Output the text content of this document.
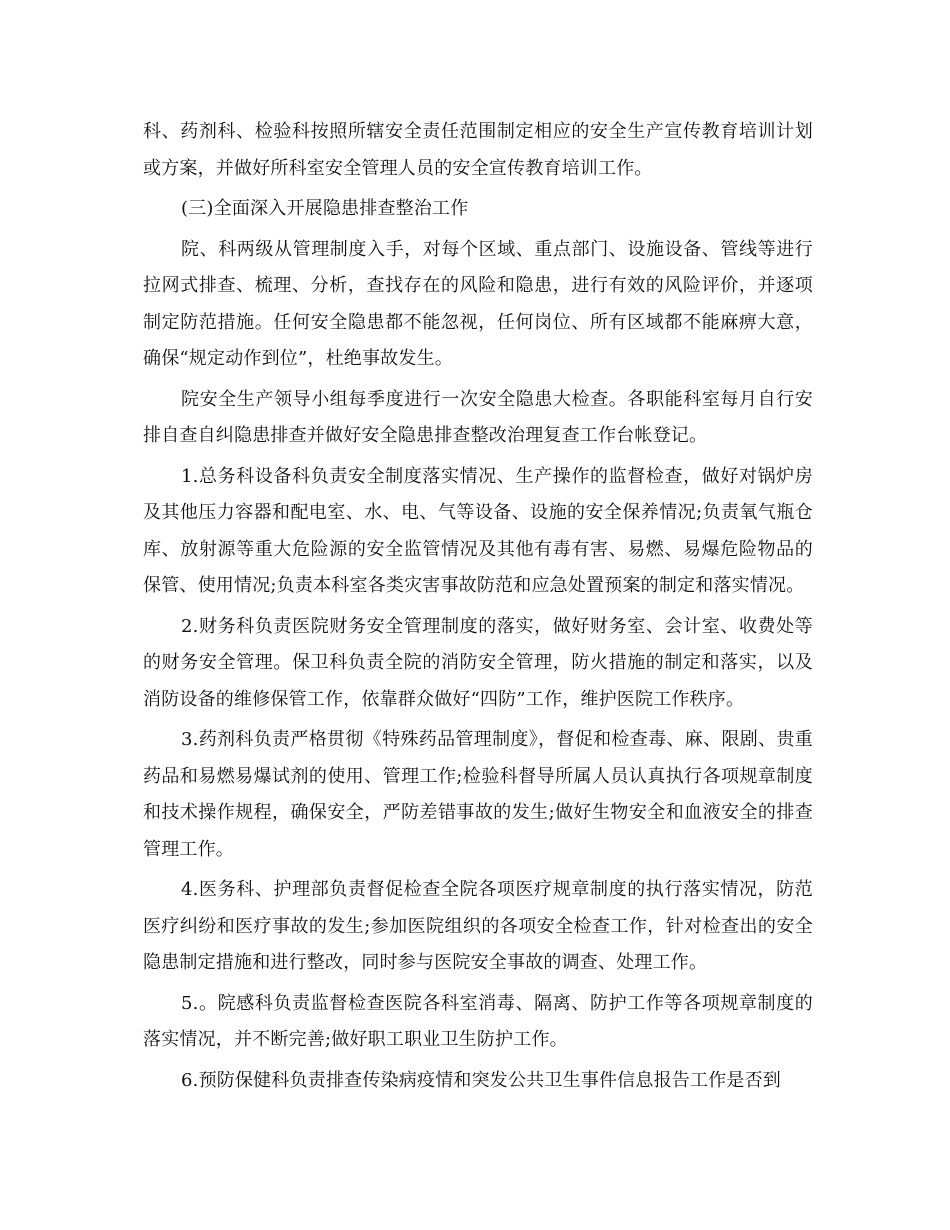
科、药剂科、检验科按照所辖安全责任范围制定相应的安全生产宣传教育培训计划或方案，并做好所科室安全管理人员的安全宣传教育培训工作。

(三)全面深入开展隐患排查整治工作

院、科两级从管理制度入手，对每个区域、重点部门、设施设备、管线等进行拉网式排查、梳理、分析，查找存在的风险和隐患，进行有效的风险评价，并逐项制定防范措施。任何安全隐患都不能忽视，任何岗位、所有区域都不能麻痹大意，确保“规定动作到位”，杜绝事故发生。

院安全生产领导小组每季度进行一次安全隐患大检查。各职能科室每月自行安排自查自纠隐患排查并做好安全隐患排查整改治理复查工作台帐登记。

1.总务科设备科负责安全制度落实情况、生产操作的监督检查，做好对锅炉房及其他压力容器和配电室、水、电、气等设备、设施的安全保养情况;负责氧气瓶仓库、放射源等重大危险源的安全监管情况及其他有毒有害、易燃、易爆危险物品的保管、使用情况;负责本科室各类灾害事故防范和应急处置预案的制定和落实情况。

2.财务科负责医院财务安全管理制度的落实，做好财务室、会计室、收费处等的财务安全管理。保卫科负责全院的消防安全管理，防火措施的制定和落实，以及消防设备的维修保管工作，依靠群众做好“四防”工作，维护医院工作秩序。

3.药剂科负责严格贯彻《特殊药品管理制度》，督促和检查毒、麻、限剧、贵重药品和易燃易爆试剂的使用、管理工作;检验科督导所属人员认真执行各项规章制度和技术操作规程，确保安全，严防差错事故的发生;做好生物安全和血液安全的排查管理工作。

4.医务科、护理部负责督促检查全院各项医疗规章制度的执行落实情况，防范医疗纠纷和医疗事故的发生;参加医院组织的各项安全检查工作，针对检查出的安全隐患制定措施和进行整改，同时参与医院安全事故的调查、处理工作。

5.。院感科负责监督检查医院各科室消毒、隔离、防护工作等各项规章制度的落实情况，并不断完善;做好职工职业卫生防护工作。

6.预防保健科负责排查传染病疫情和突发公共卫生事件信息报告工作是否到
